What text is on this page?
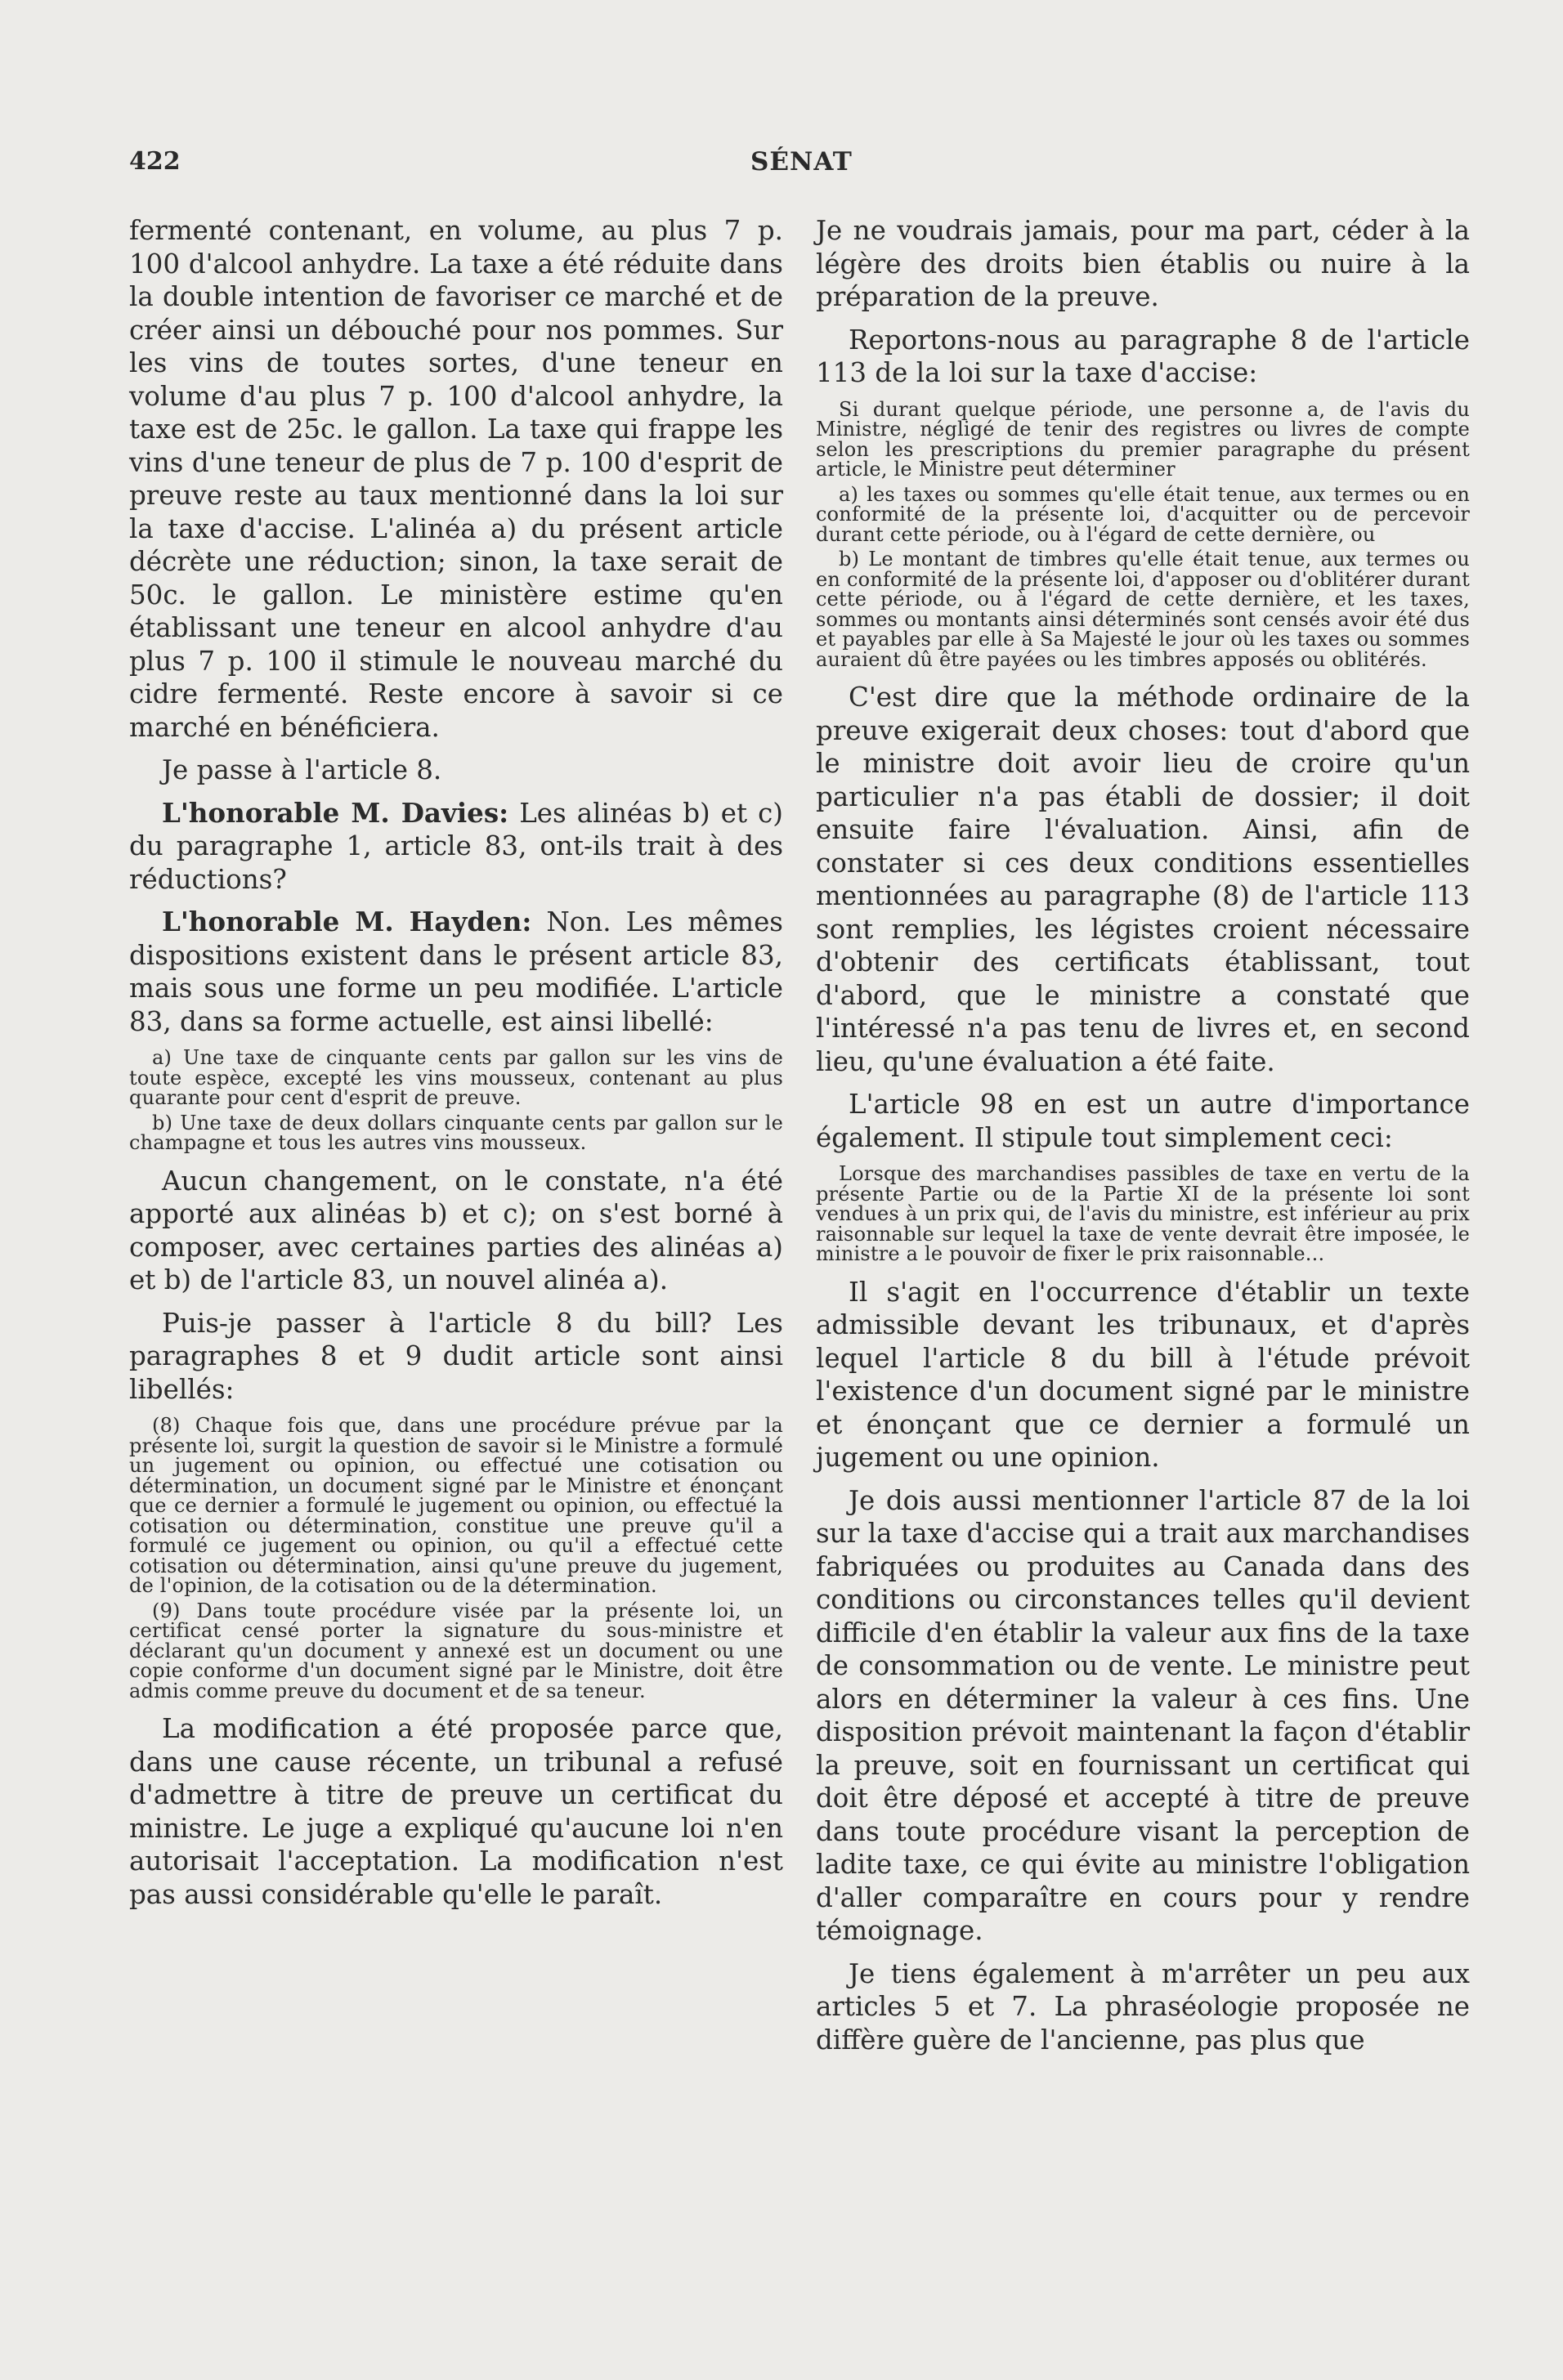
422	SÉNAT

fermenté contenant, en volume, au plus 7 p. 100 d'alcool anhydre. La taxe a été réduite dans la double intention de favoriser ce marché et de créer ainsi un débouché pour nos pommes. Sur les vins de toutes sortes, d'une teneur en volume d'au plus 7 p. 100 d'alcool anhydre, la taxe est de 25c. le gallon. La taxe qui frappe les vins d'une teneur de plus de 7 p. 100 d'esprit de preuve reste au taux mentionné dans la loi sur la taxe d'accise. L'alinéa a) du présent article décrète une réduction; sinon, la taxe serait de 50c. le gallon. Le ministère estime qu'en établissant une teneur en alcool anhydre d'au plus 7 p. 100 il stimule le nouveau marché du cidre fermenté. Reste encore à savoir si ce marché en bénéficiera.

Je passe à l'article 8.

L'honorable M. Davies: Les alinéas b) et c) du paragraphe 1, article 83, ont-ils trait à des réductions?

L'honorable M. Hayden: Non. Les mêmes dispositions existent dans le présent article 83, mais sous une forme un peu modifiée. L'article 83, dans sa forme actuelle, est ainsi libellé:

a) Une taxe de cinquante cents par gallon sur les vins de toute espèce, excepté les vins mousseux, contenant au plus quarante pour cent d'esprit de preuve.

b) Une taxe de deux dollars cinquante cents par gallon sur le champagne et tous les autres vins mousseux.

Aucun changement, on le constate, n'a été apporté aux alinéas b) et c); on s'est borné à composer, avec certaines parties des alinéas a) et b) de l'article 83, un nouvel alinéa a).

Puis-je passer à l'article 8 du bill? Les paragraphes 8 et 9 dudit article sont ainsi libellés:

(8) Chaque fois que, dans une procédure prévue par la présente loi, surgit la question de savoir si le Ministre a formulé un jugement ou opinion, ou effectué une cotisation ou détermination, un document signé par le Ministre et énonçant que ce dernier a formulé le jugement ou opinion, ou effectué la cotisation ou détermination, constitue une preuve qu'il a formulé ce jugement ou opinion, ou qu'il a effectué cette cotisation ou détermination, ainsi qu'une preuve du jugement, de l'opinion, de la cotisation ou de la détermination.

(9) Dans toute procédure visée par la présente loi, un certificat censé porter la signature du sous-ministre et déclarant qu'un document y annexé est un document ou une copie conforme d'un document signé par le Ministre, doit être admis comme preuve du document et de sa teneur.

La modification a été proposée parce que, dans une cause récente, un tribunal a refusé d'admettre à titre de preuve un certificat du ministre. Le juge a expliqué qu'aucune loi n'en autorisait l'acceptation. La modification n'est pas aussi considérable qu'elle le paraît.

Je ne voudrais jamais, pour ma part, céder à la légère des droits bien établis ou nuire à la préparation de la preuve.

Reportons-nous au paragraphe 8 de l'article 113 de la loi sur la taxe d'accise:

Si durant quelque période, une personne a, de l'avis du Ministre, négligé de tenir des registres ou livres de compte selon les prescriptions du premier paragraphe du présent article, le Ministre peut déterminer

a) les taxes ou sommes qu'elle était tenue, aux termes ou en conformité de la présente loi, d'acquitter ou de percevoir durant cette période, ou à l'égard de cette dernière, ou

b) Le montant de timbres qu'elle était tenue, aux termes ou en conformité de la présente loi, d'apposer ou d'oblitérer durant cette période, ou à l'égard de cette dernière, et les taxes, sommes ou montants ainsi déterminés sont censés avoir été dus et payables par elle à Sa Majesté le jour où les taxes ou sommes auraient dû être payées ou les timbres apposés ou oblitérés.

C'est dire que la méthode ordinaire de la preuve exigerait deux choses: tout d'abord que le ministre doit avoir lieu de croire qu'un particulier n'a pas établi de dossier; il doit ensuite faire l'évaluation. Ainsi, afin de constater si ces deux conditions essentielles mentionnées au paragraphe (8) de l'article 113 sont remplies, les légistes croient nécessaire d'obtenir des certificats établissant, tout d'abord, que le ministre a constaté que l'intéressé n'a pas tenu de livres et, en second lieu, qu'une évaluation a été faite.

L'article 98 en est un autre d'importance également. Il stipule tout simplement ceci:

Lorsque des marchandises passibles de taxe en vertu de la présente Partie ou de la Partie XI de la présente loi sont vendues à un prix qui, de l'avis du ministre, est inférieur au prix raisonnable sur lequel la taxe de vente devrait être imposée, le ministre a le pouvoir de fixer le prix raisonnable...

Il s'agit en l'occurrence d'établir un texte admissible devant les tribunaux, et d'après lequel l'article 8 du bill à l'étude prévoit l'existence d'un document signé par le ministre et énonçant que ce dernier a formulé un jugement ou une opinion.

Je dois aussi mentionner l'article 87 de la loi sur la taxe d'accise qui a trait aux marchandises fabriquées ou produites au Canada dans des conditions ou circonstances telles qu'il devient difficile d'en établir la valeur aux fins de la taxe de consommation ou de vente. Le ministre peut alors en déterminer la valeur à ces fins. Une disposition prévoit maintenant la façon d'établir la preuve, soit en fournissant un certificat qui doit être déposé et accepté à titre de preuve dans toute procédure visant la perception de ladite taxe, ce qui évite au ministre l'obligation d'aller comparaître en cours pour y rendre témoignage.

Je tiens également à m'arrêter un peu aux articles 5 et 7. La phraséologie proposée ne diffère guère de l'ancienne, pas plus que
